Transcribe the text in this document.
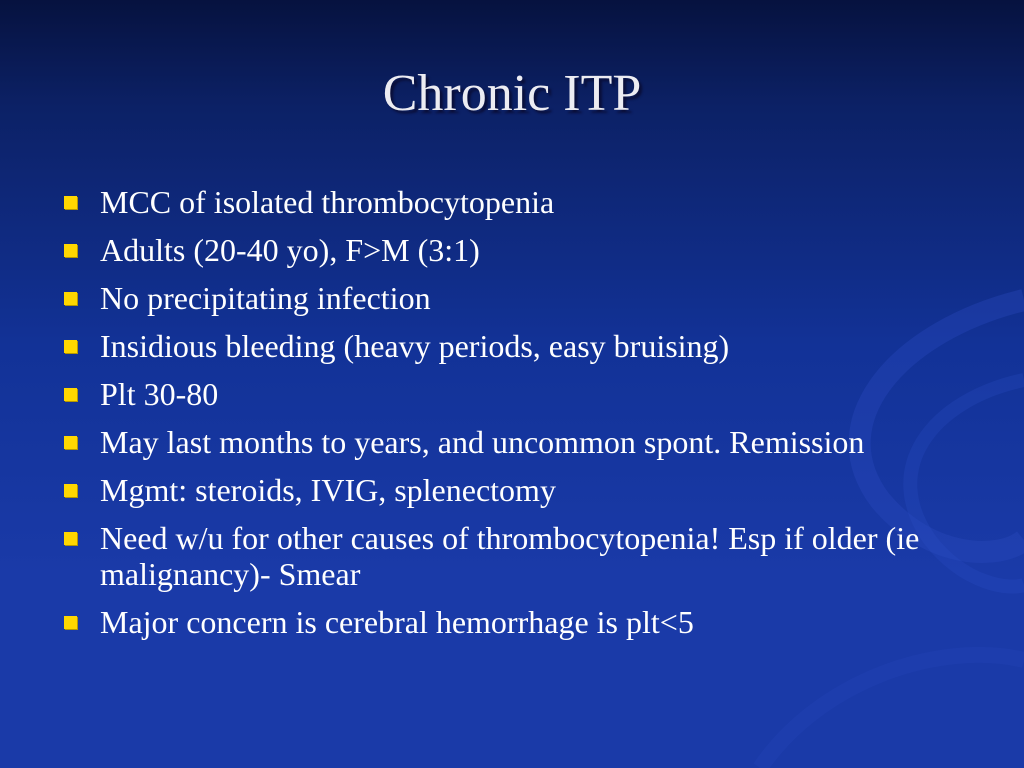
Chronic ITP
MCC of isolated thrombocytopenia
Adults (20-40 yo), F>M (3:1)
No precipitating infection
Insidious bleeding (heavy periods, easy bruising)
Plt 30-80
May last months to years, and uncommon spont. Remission
Mgmt: steroids, IVIG, splenectomy
Need w/u for other causes of thrombocytopenia! Esp if older (ie malignancy)- Smear
Major concern is cerebral hemorrhage is plt<5
